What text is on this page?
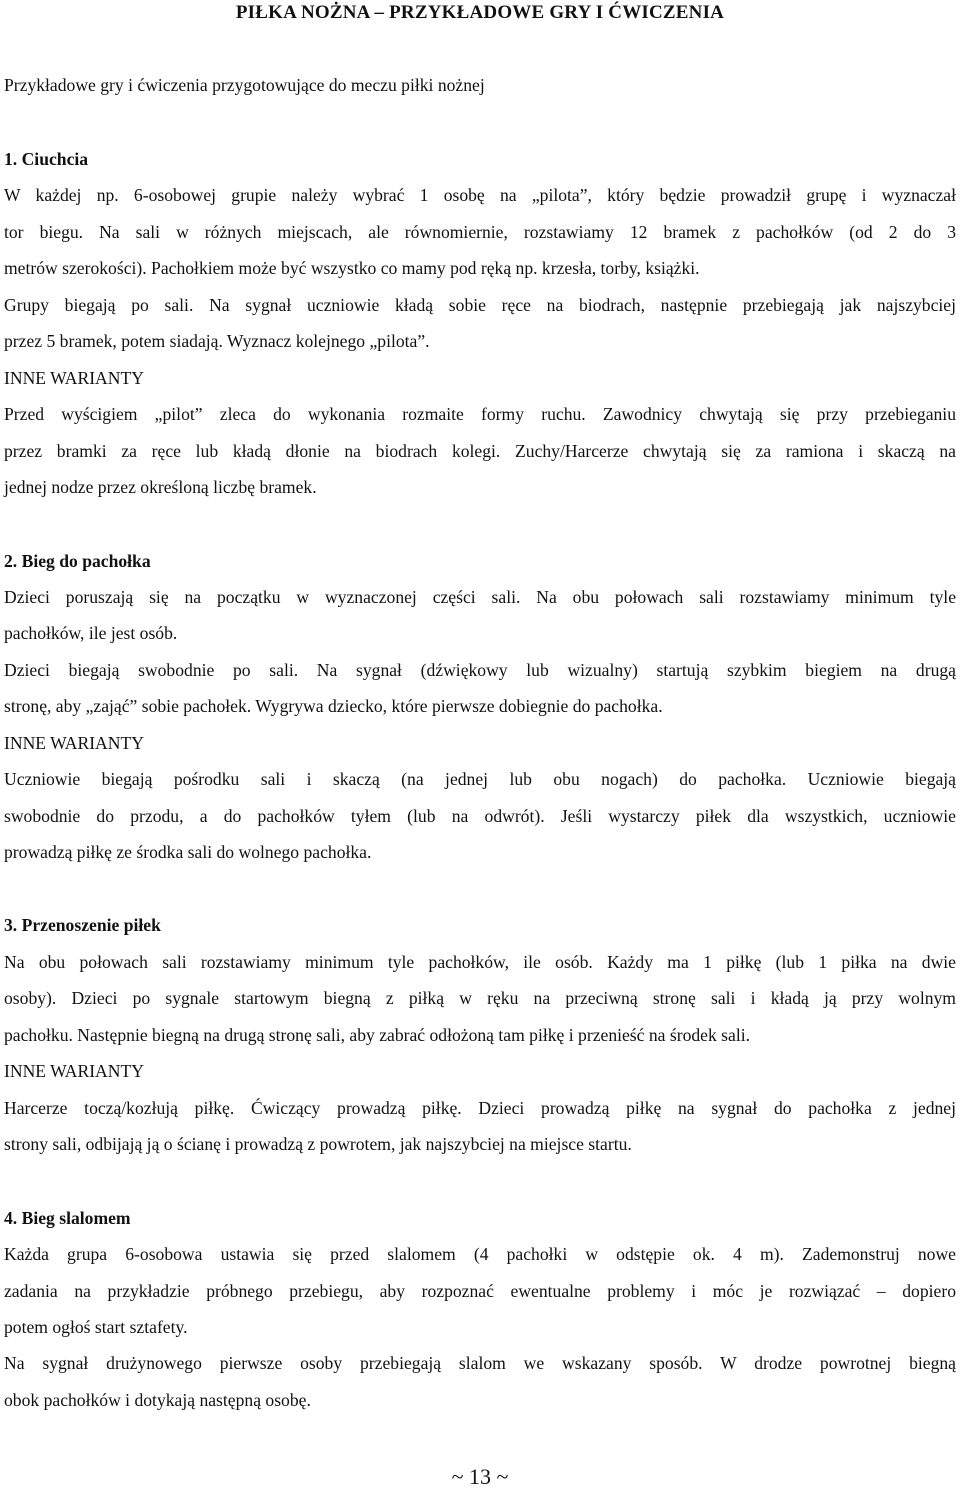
PIŁKA NOŻNA – PRZYKŁADOWE GRY I ĆWICZENIA
Przykładowe gry i ćwiczenia przygotowujące do meczu piłki nożnej
1. Ciuchcia
W każdej np. 6-osobowej grupie należy wybrać 1 osobę na „pilota”, który będzie prowadził grupę i wyznaczał
tor biegu. Na sali w różnych miejscach, ale równomiernie, rozstawiamy 12 bramek z pachołków (od 2 do 3
metrów szerokości). Pachołkiem może być wszystko co mamy pod ręką np. krzesła, torby, książki.
Grupy biegają po sali. Na sygnał uczniowie kładą sobie ręce na biodrach, następnie przebiegają jak najszybciej
przez 5 bramek, potem siadają. Wyznacz kolejnego „pilota”.
INNE WARIANTY
Przed wyścigiem „pilot” zleca do wykonania rozmaite formy ruchu. Zawodnicy chwytają się przy przebieganiu
przez bramki za ręce lub kładą dłonie na biodrach kolegi. Zuchy/Harcerze chwytają się za ramiona i skaczą na
jednej nodze przez określoną liczbę bramek.
2. Bieg do pachołka
Dzieci poruszają się na początku w wyznaczonej części sali. Na obu połowach sali rozstawiamy minimum tyle
pachołków, ile jest osób.
Dzieci biegają swobodnie po sali. Na sygnał (dźwiękowy lub wizualny) startują szybkim biegiem na drugą
stronę, aby „zająć” sobie pachołek. Wygrywa dziecko, które pierwsze dobiegnie do pachołka.
INNE WARIANTY
Uczniowie biegają pośrodku sali i skaczą (na jednej lub obu nogach) do pachołka. Uczniowie biegają
swobodnie do przodu, a do pachołków tyłem (lub na odwrót). Jeśli wystarczy piłek dla wszystkich, uczniowie
prowadzą piłkę ze środka sali do wolnego pachołka.
3. Przenoszenie piłek
Na obu połowach sali rozstawiamy minimum tyle pachołków, ile osób. Każdy ma 1 piłkę (lub 1 piłka na dwie
osoby). Dzieci po sygnale startowym biegną z piłką w ręku na przeciwną stronę sali i kładą ją przy wolnym
pachołku. Następnie biegną na drugą stronę sali, aby zabrać odłożoną tam piłkę i przenieść na środek sali.
INNE WARIANTY
Harcerze toczą/kozłują piłkę. Ćwiczący prowadzą piłkę. Dzieci prowadzą piłkę na sygnał do pachołka z jednej
strony sali, odbijają ją o ścianę i prowadzą z powrotem, jak najszybciej na miejsce startu.
4. Bieg slalomem
Każda grupa 6-osobowa ustawia się przed slalomem (4 pachołki w odstępie ok. 4 m). Zademonstruj nowe
zadania na przykładzie próbnego przebiegu, aby rozpoznać ewentualne problemy i móc je rozwiązać – dopiero
potem ogłoś start sztafety.
Na sygnał drużynowego pierwsze osoby przebiegają slalom we wskazany sposób. W drodze powrotnej biegną
obok pachołków i dotykają następną osobę.
~ 13 ~
